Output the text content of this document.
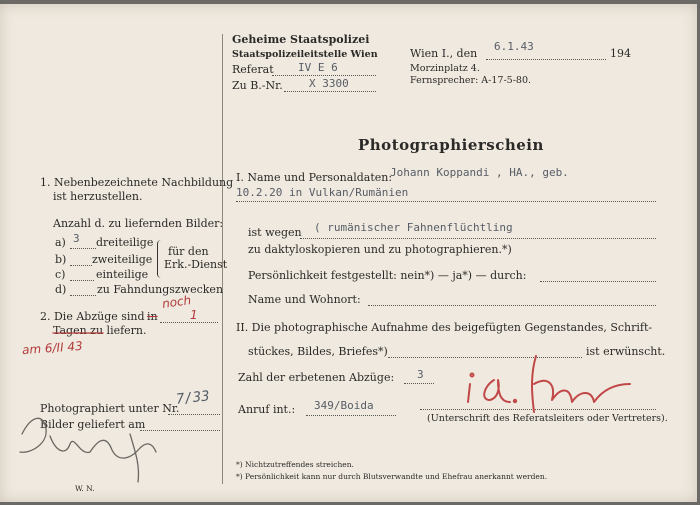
Geheime Staatspolizei
Staatspolizeileitstelle Wien
Referat IV E 6
Zu B.-Nr. X 3300
Wien I., den
6.1.43
194
Morzinplatz 4.
Fernsprecher: A-17-5-80.
Photographierschein
1. Nebenbezeichnete Nachbildung
ist herzustellen.
Anzahl d. zu liefernden Bilder:
a) 3 dreiteilige
b) zweiteilige
c)	einteilige
für den
Erk.-Dienst
d)	zu Fahndungszwecken
2. Die Abzüge sind in
Tagen zu liefern.
Photographiert unter Nr.
Bilder geliefert am
W. N.
I. Name und Personaldaten:
Johann Koppandi , HA., geb.
10.2.20 in Vulkan/Rumänien
ist wegen ( rumänischer Fahnenflüchtling
zu daktyloskopieren und zu photographieren.*)
Persönlichkeit festgestellt: nein*) — ja*) — durch:
Name und Wohnort:
II. Die photographische Aufnahme des beigefügten Gegenstandes, Schrift-
stückes, Bildes, Briefes*)	ist erwünscht.
Zahl der erbetenen Abzüge: 3
Anruf int.: 349/Boida
(Unterschrift des Referatsleiters oder Vertreters).
*) Nichtzutreffendes streichen.
*) Persönlichkeit kann nur durch Blutsverwandte und Ehefrau anerkannt werden.
noch
1
am 6/II 43
7/33
